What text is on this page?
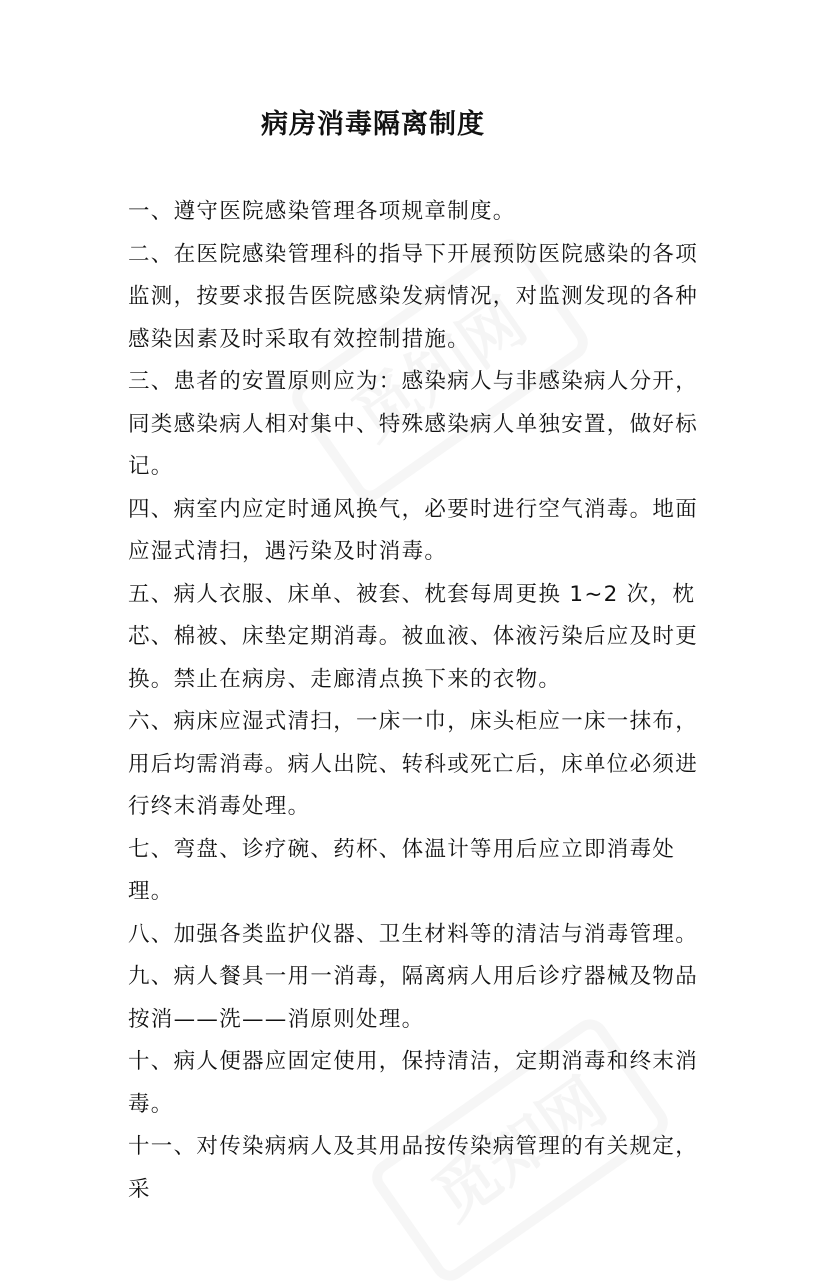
病房消毒隔离制度

一、遵守医院感染管理各项规章制度。

二、在医院感染管理科的指导下开展预防医院感染的各项监测，按要求报告医院感染发病情况，对监测发现的各种感染因素及时采取有效控制措施。

三、患者的安置原则应为：感染病人与非感染病人分开，同类感染病人相对集中、特殊感染病人单独安置，做好标记。

四、病室内应定时通风换气，必要时进行空气消毒。地面应湿式清扫，遇污染及时消毒。

五、病人衣服、床单、被套、枕套每周更换 1~2 次，枕芯、棉被、床垫定期消毒。被血液、体液污染后应及时更换。禁止在病房、走廊清点换下来的衣物。

六、病床应湿式清扫，一床一巾，床头柜应一床一抹布，用后均需消毒。病人出院、转科或死亡后，床单位必须进行终末消毒处理。

七、弯盘、诊疗碗、药杯、体温计等用后应立即消毒处理。

八、加强各类监护仪器、卫生材料等的清洁与消毒管理。

九、病人餐具一用一消毒，隔离病人用后诊疗器械及物品按消——洗——消原则处理。

十、病人便器应固定使用，保持清洁，定期消毒和终末消毒。

十一、对传染病病人及其用品按传染病管理的有关规定，采
